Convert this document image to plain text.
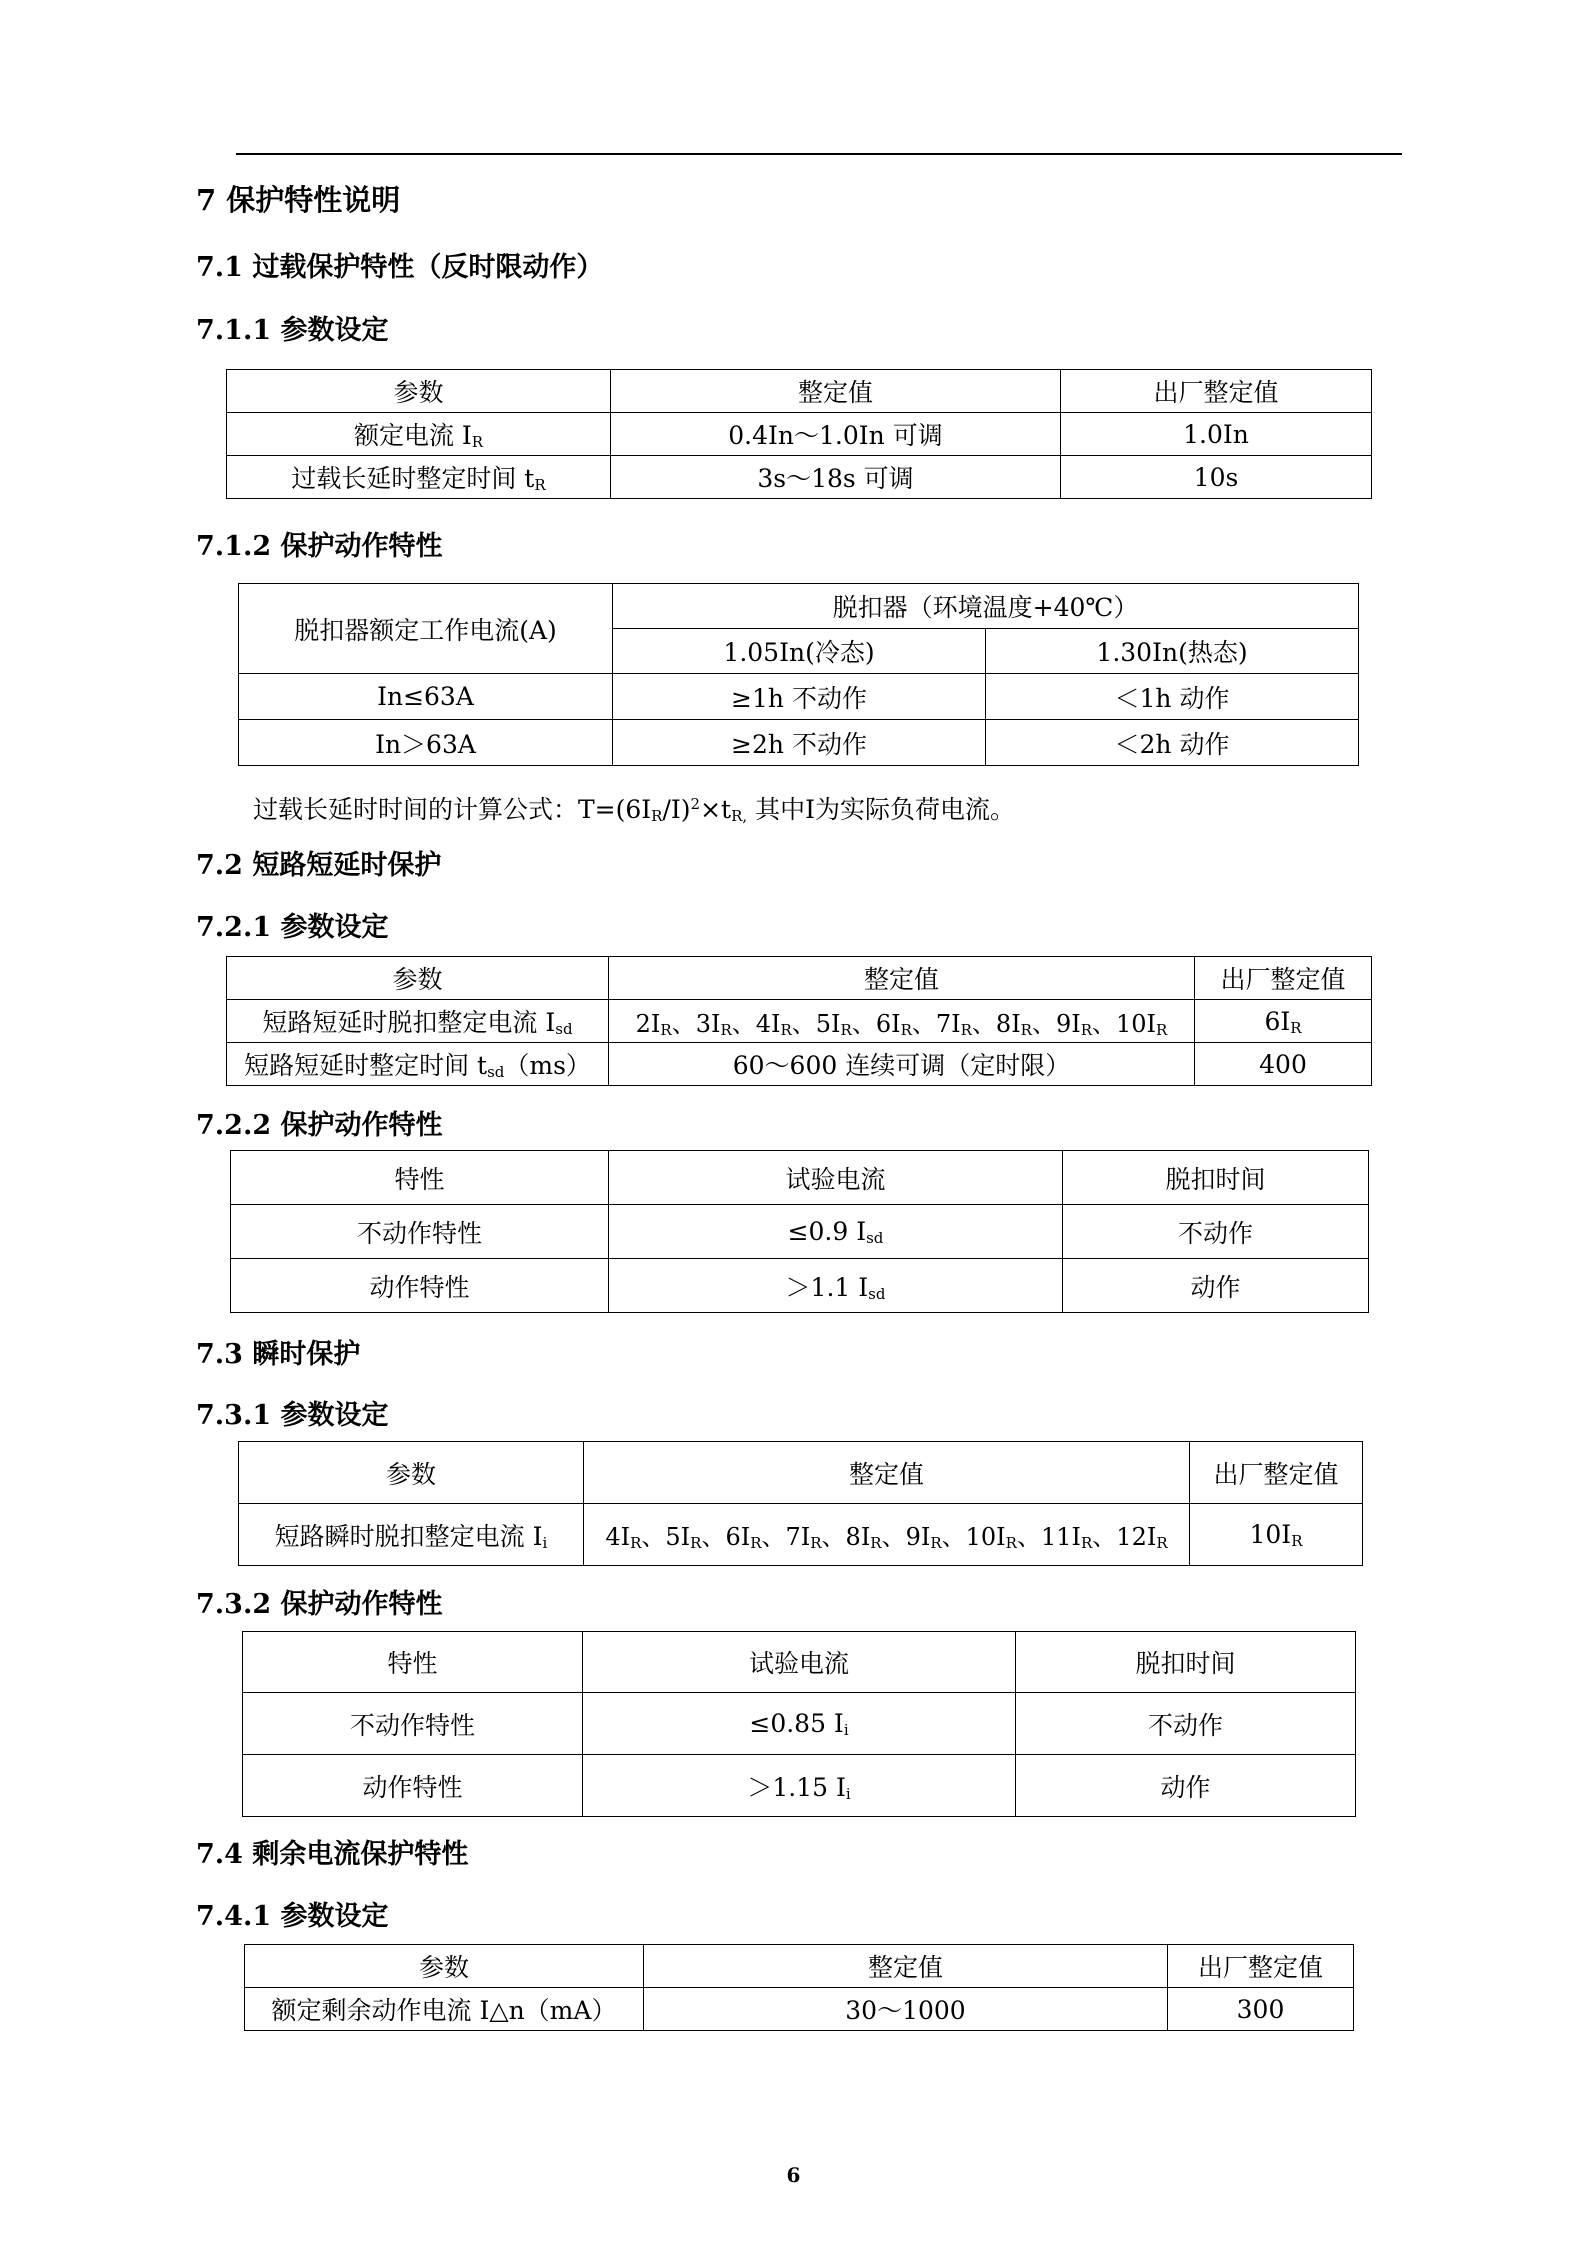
7 保护特性说明
7.1 过载保护特性（反时限动作）
7.1.1 参数设定
参数	整定值	出厂整定值
额定电流 $I_R$	0.4In～1.0In 可调	1.0In
过载长延时整定时间 $t_R$	3s～18s 可调	10s
7.1.2 保护动作特性
脱扣器额定工作电流(A)	脱扣器（环境温度+40℃）	
	1.05In(冷态)	1.30In(热态)
In≤63A	≥1h 不动作	＜1h 动作
In＞63A	≥2h 不动作	＜2h 动作
过载长延时时间的计算公式：$T=(6I_R/I)^2\times t_{R,}$ 其中I为实际负荷电流。
7.2 短路短延时保护
7.2.1 参数设定
参数	整定值	出厂整定值
短路短延时脱扣整定电流 $I_{sd}$	$2I_R$、$3I_R$、$4I_R$、$5I_R$、$6I_R$、$7I_R$、$8I_R$、$9I_R$、$10I_R$	$6I_R$
短路短延时整定时间 $t_{sd}(ms)$	60～600 连续可调（定时限）	400
7.2.2 保护动作特性
特性	试验电流	脱扣时间
不动作特性	≤0.9 $I_{sd}$	不动作
动作特性	＞1.1 $I_{sd}$	动作
7.3 瞬时保护
7.3.1 参数设定
参数	整定值	出厂整定值
短路瞬时脱扣整定电流 $I_i$	$4I_R$、$5I_R$、$6I_R$、$7I_R$、$8I_R$、$9I_R$、$10I_R$、$11I_R$、$12I_R$	$10I_R$
7.3.2 保护动作特性
特性	试验电流	脱扣时间
不动作特性	≤0.85 $I_i$	不动作
动作特性	＞1.15 $I_i$	动作
7.4 剩余电流保护特性
7.4.1 参数设定
参数	整定值	出厂整定值
额定剩余动作电流 I△n（mA）	30～1000	300
6
